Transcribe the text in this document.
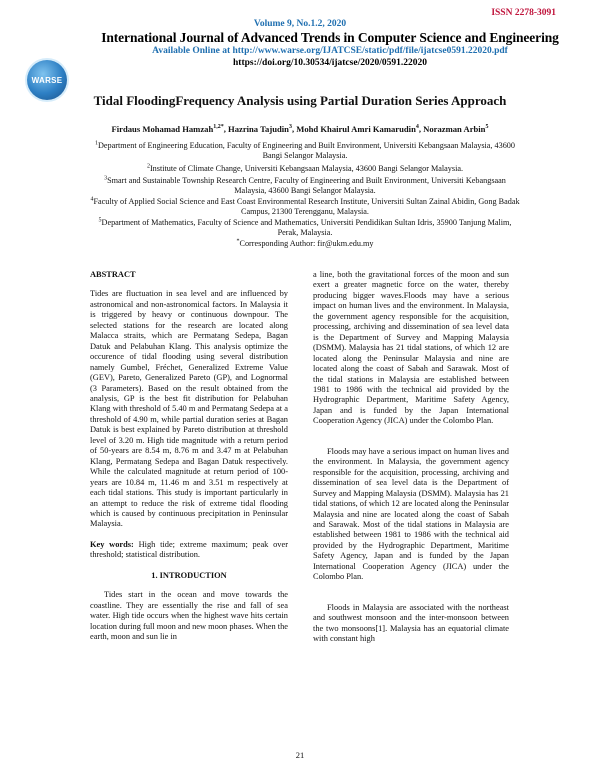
ISSN 2278-3091
Volume 9, No.1.2, 2020
WARSE
International Journal of Advanced Trends in Computer Science and Engineering
Available Online at http://www.warse.org/IJATCSE/static/pdf/file/ijatcse0591.22020.pdf
https://doi.org/10.30534/ijatcse/2020/0591.22020
Tidal FloodingFrequency Analysis using Partial Duration Series Approach
Firdaus Mohamad Hamzah$^{1,2*}$, Hazrina Tajudin$^3$, Mohd Khairul Amri Kamarudin$^4$, Norazman Arbin$^5$
$^1$Department of Engineering Education, Faculty of Engineering and Built Environment, Universiti Kebangsaan Malaysia, 43600 Bangi Selangor Malaysia.
$^2$Institute of Climate Change, Universiti Kebangsaan Malaysia, 43600 Bangi Selangor Malaysia.
$^3$Smart and Sustainable Township Research Centre, Faculty of Engineering and Built Environment, Universiti Kebangsaan Malaysia, 43600 Bangi Selangor Malaysia.
$^4$Faculty of Applied Social Science and East Coast Environmental Research Institute, Universiti Sultan Zainal Abidin, Gong Badak Campus, 21300 Terengganu, Malaysia.
$^5$Department of Mathematics, Faculty of Science and Mathematics, Universiti Pendidikan Sultan Idris, 35900 Tanjung Malim, Perak, Malaysia.
*Corresponding Author: fir@ukm.edu.my

ABSTRACT

Tides are fluctuation in sea level and are influenced by astronomical and non-astronomical factors. In Malaysia it is triggered by heavy or continuous downpour. The selected stations for the research are located along Malacca straits, which are Permatang Sedepa, Bagan Datuk and Pelabuhan Klang. This analysis optimize the occurence of tidal flooding using several distribution namely Gumbel, Fréchet, Generalized Extreme Value (GEV), Pareto, Generalized Pareto (GP), and Lognormal (3 Parameters). Based on the result obtained from the analysis, GP is the best fit distribution for Pelabuhan Klang with threshold of 5.40 m and Permatang Sedepa at a threshold of 4.90 m, while partial duration series at Bagan Datuk is best explained by Pareto distribution at threshold level of 3.20 m. High tide magnitude with a return period of 50-years are 8.54 m, 8.76 m and 3.47 m at Pelabuhan Klang, Permatang Sedepa and Bagan Datuk respectively. While the calculated magnitude at return period of 100-years are 10.84 m, 11.46 m and 3.51 m respectively at each tidal stations. This study is important particularly in an attempt to reduce the risk of extreme tidal flooding which is caused by continuous precipitation in Peninsular Malaysia.

Key words: High tide; extreme maximum; peak over threshold; statistical distribution.

1. INTRODUCTION

Tides start in the ocean and move towards the coastline. They are essentially the rise and fall of sea water. High tide occurs when the highest wave hits certain location during full moon and new moon phases. When the earth, moon and sun lie in

a line, both the gravitational forces of the moon and sun exert a greater magnetic force on the water, thereby producing bigger waves.Floods may have a serious impact on human lives and the environment. In Malaysia, the government agency responsible for the acquisition, processing, archiving and dissemination of sea level data is the Department of Survey and Mapping Malaysia (DSMM). Malaysia has 21 tidal stations, of which 12 are located along the Peninsular Malaysia and nine are located along the coast of Sabah and Sarawak. Most of the tidal stations in Malaysia are established between 1981 to 1986 with the technical aid provided by the Hydrographic Department, Maritime Safety Agency, Japan and is funded by the Japan International Cooperation Agency (JICA) under the Colombo Plan.

Floods may have a serious impact on human lives and the environment. In Malaysia, the government agency responsible for the acquisition, processing, archiving and dissemination of sea level data is the Department of Survey and Mapping Malaysia (DSMM). Malaysia has 21 tidal stations, of which 12 are located along the Peninsular Malaysia and nine are located along the coast of Sabah and Sarawak. Most of the tidal stations in Malaysia are established between 1981 to 1986 with the technical aid provided by the Hydrographic Department, Maritime Safety Agency, Japan and is funded by the Japan International Cooperation Agency (JICA) under the Colombo Plan.

Floods in Malaysia are associated with the northeast and southwest monsoon and the inter-monsoon between the two monsoons[1]. Malaysia has an equatorial climate with constant high

21
